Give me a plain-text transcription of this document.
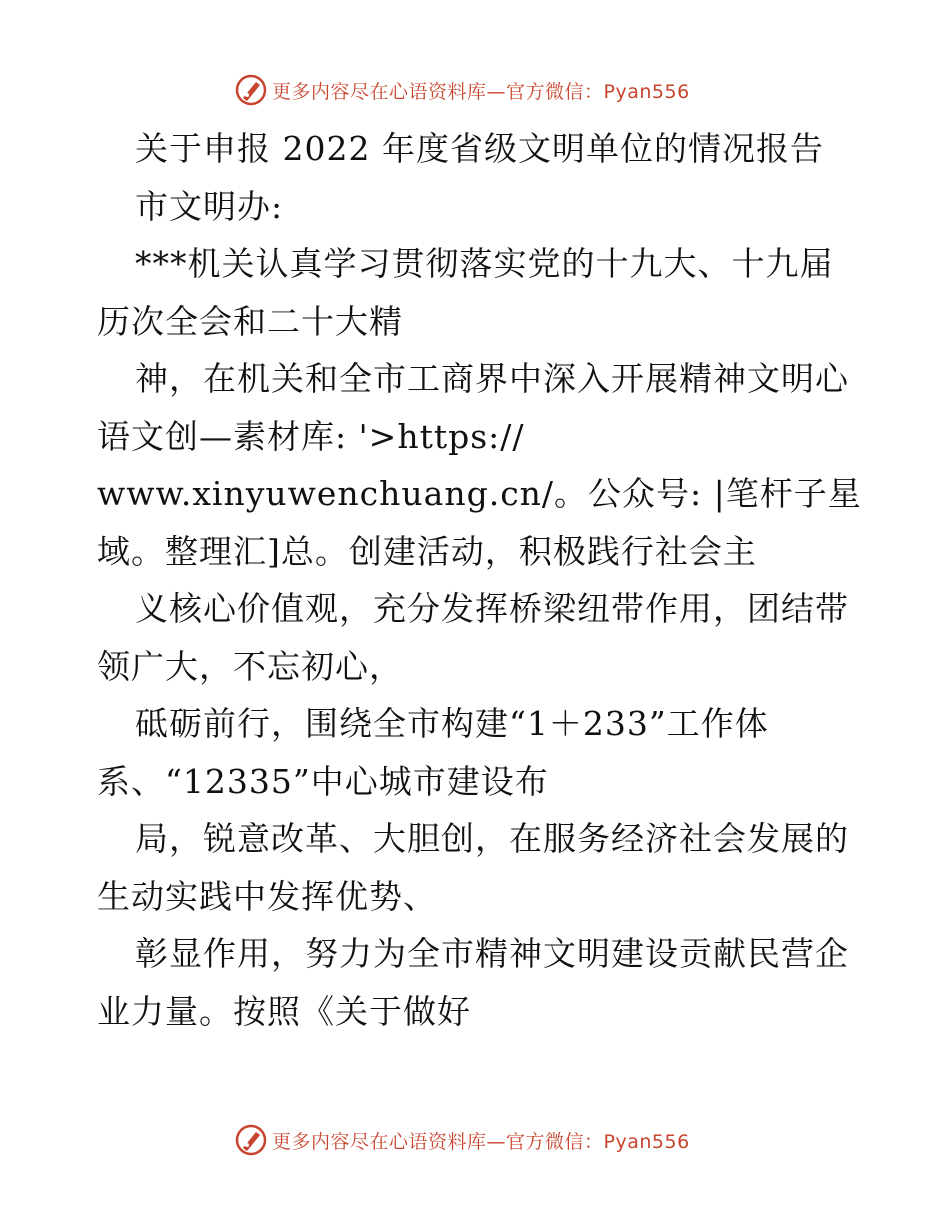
更多内容尽在心语资料库—官方微信：Pyan556
关于申报 2022 年度省级文明单位的情况报告
市文明办:
***机关认真学习贯彻落实党的十九大、十九届
历次全会和二十大精
神，在机关和全市工商界中深入开展精神文明心
语文创—素材库: '>https://
www.xinyuwenchuang.cn/。公众号: |笔杆子星
域。整理汇]总。创建活动，积极践行社会主
义核心价值观，充分发挥桥梁纽带作用，团结带
领广大，不忘初心，
砥砺前行，围绕全市构建“1＋233”工作体
系、“12335”中心城市建设布
局，锐意改革、大胆创，在服务经济社会发展的
生动实践中发挥优势、
彰显作用，努力为全市精神文明建设贡献民营企
业力量。按照《关于做好
更多内容尽在心语资料库—官方微信：Pyan556
